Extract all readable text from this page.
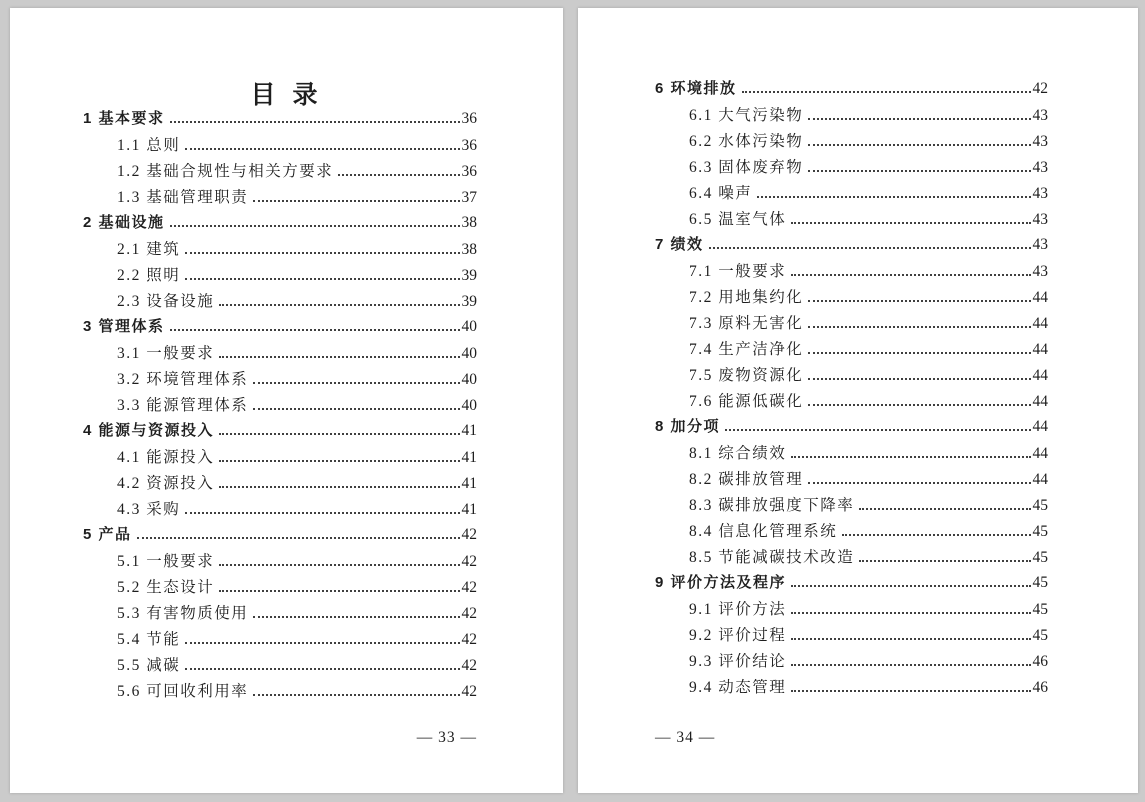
目 录
1 基本要求	36
1.1 总则	36
1.2 基础合规性与相关方要求	36
1.3 基础管理职责	37
2 基础设施	38
2.1 建筑	38
2.2 照明	39
2.3 设备设施	39
3 管理体系	40
3.1 一般要求	40
3.2 环境管理体系	40
3.3 能源管理体系	40
4 能源与资源投入	41
4.1 能源投入	41
4.2 资源投入	41
4.3 采购	41
5 产品	42
5.1 一般要求	42
5.2 生态设计	42
5.3 有害物质使用	42
5.4 节能	42
5.5 减碳	42
5.6 可回收利用率	42
— 33 —
6 环境排放	42
6.1 大气污染物	43
6.2 水体污染物	43
6.3 固体废弃物	43
6.4 噪声	43
6.5 温室气体	43
7 绩效	43
7.1 一般要求	43
7.2 用地集约化	44
7.3 原料无害化	44
7.4 生产洁净化	44
7.5 废物资源化	44
7.6 能源低碳化	44
8 加分项	44
8.1 综合绩效	44
8.2 碳排放管理	44
8.3 碳排放强度下降率	45
8.4 信息化管理系统	45
8.5 节能减碳技术改造	45
9 评价方法及程序	45
9.1 评价方法	45
9.2 评价过程	45
9.3 评价结论	46
9.4 动态管理	46
— 34 —
